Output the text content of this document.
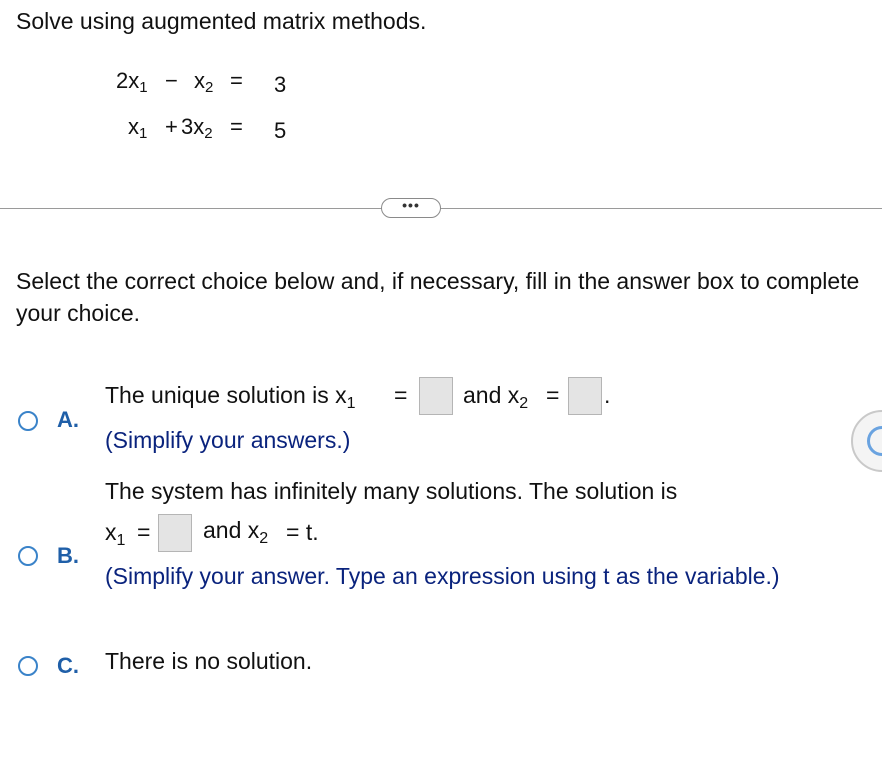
Solve using augmented matrix methods.
$2x_1 - x_2 = 3$
$x_1 + 3x_2 = 5$
•••
Select the correct choice below and, if necessary, fill in the answer box to complete your choice.
A.
The unique solution is $x_1$ = and $x_2$ = .
(Simplify your answers.)
B.
The system has infinitely many solutions. The solution is
$x_1$ = and $x_2 = t$.
(Simplify your answer. Type an expression using t as the variable.)
C. There is no solution.
